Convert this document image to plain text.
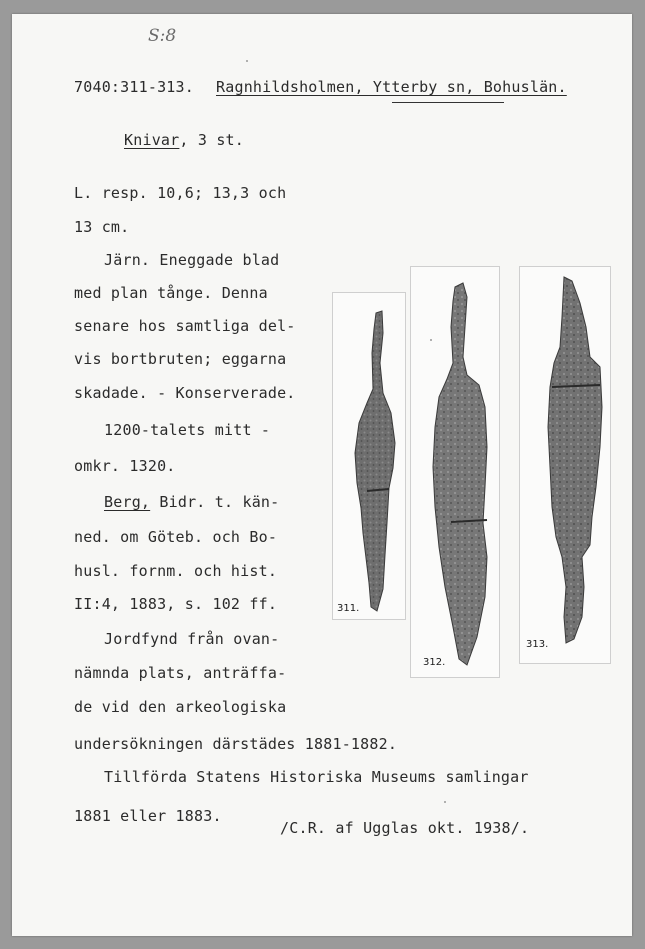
S:8
7040:311-313. Ragnhildsholmen, Ytterby sn, Bohuslän.
Knivar, 3 st.
L. resp. 10,6; 13,3 och
13 cm.
Järn. Eneggade blad
med plan tånge. Denna
senare hos samtliga del-
vis bortbruten; eggarna
skadade. - Konserverade.
1200-talets mitt -
omkr. 1320.
Berg, Bidr. t. kän-
ned. om Göteb. och Bo-
husl. fornm. och hist.
II:4, 1883, s. 102 ff.
Jordfynd från ovan-
nämnda plats, anträffa-
de vid den arkeologiska
undersökningen därstädes 1881-1882.
Tillförda Statens Historiska Museums samlingar
1881 eller 1883.
/C.R. af Ugglas okt. 1938/.
311.
312.
313.
